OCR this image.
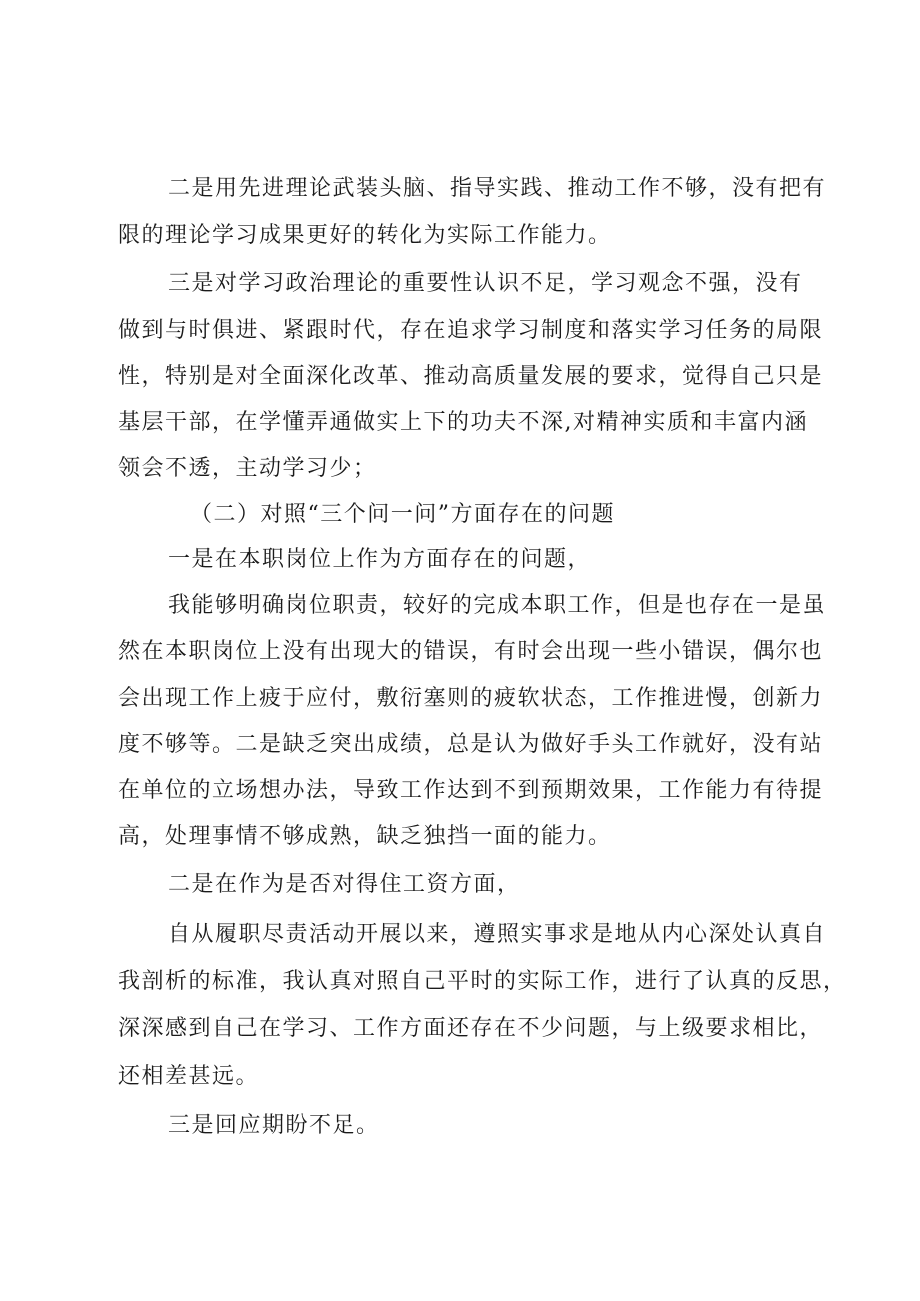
二是用先进理论武装头脑、指导实践、推动工作不够，没有把有
限的理论学习成果更好的转化为实际工作能力。
三是对学习政治理论的重要性认识不足，学习观念不强，没有
做到与时俱进、紧跟时代，存在追求学习制度和落实学习任务的局限
性，特别是对全面深化改革、推动高质量发展的要求，觉得自己只是
基层干部，在学懂弄通做实上下的功夫不深,对精神实质和丰富内涵
领会不透，主动学习少；
（二）对照“三个问一问”方面存在的问题
一是在本职岗位上作为方面存在的问题，
我能够明确岗位职责，较好的完成本职工作，但是也存在一是虽
然在本职岗位上没有出现大的错误，有时会出现一些小错误，偶尔也
会出现工作上疲于应付，敷衍塞则的疲软状态，工作推进慢，创新力
度不够等。二是缺乏突出成绩，总是认为做好手头工作就好，没有站
在单位的立场想办法，导致工作达到不到预期效果，工作能力有待提
高，处理事情不够成熟，缺乏独挡一面的能力。
二是在作为是否对得住工资方面，
自从履职尽责活动开展以来，遵照实事求是地从内心深处认真自
我剖析的标准，我认真对照自己平时的实际工作，进行了认真的反思，
深深感到自己在学习、工作方面还存在不少问题，与上级要求相比，
还相差甚远。
三是回应期盼不足。
